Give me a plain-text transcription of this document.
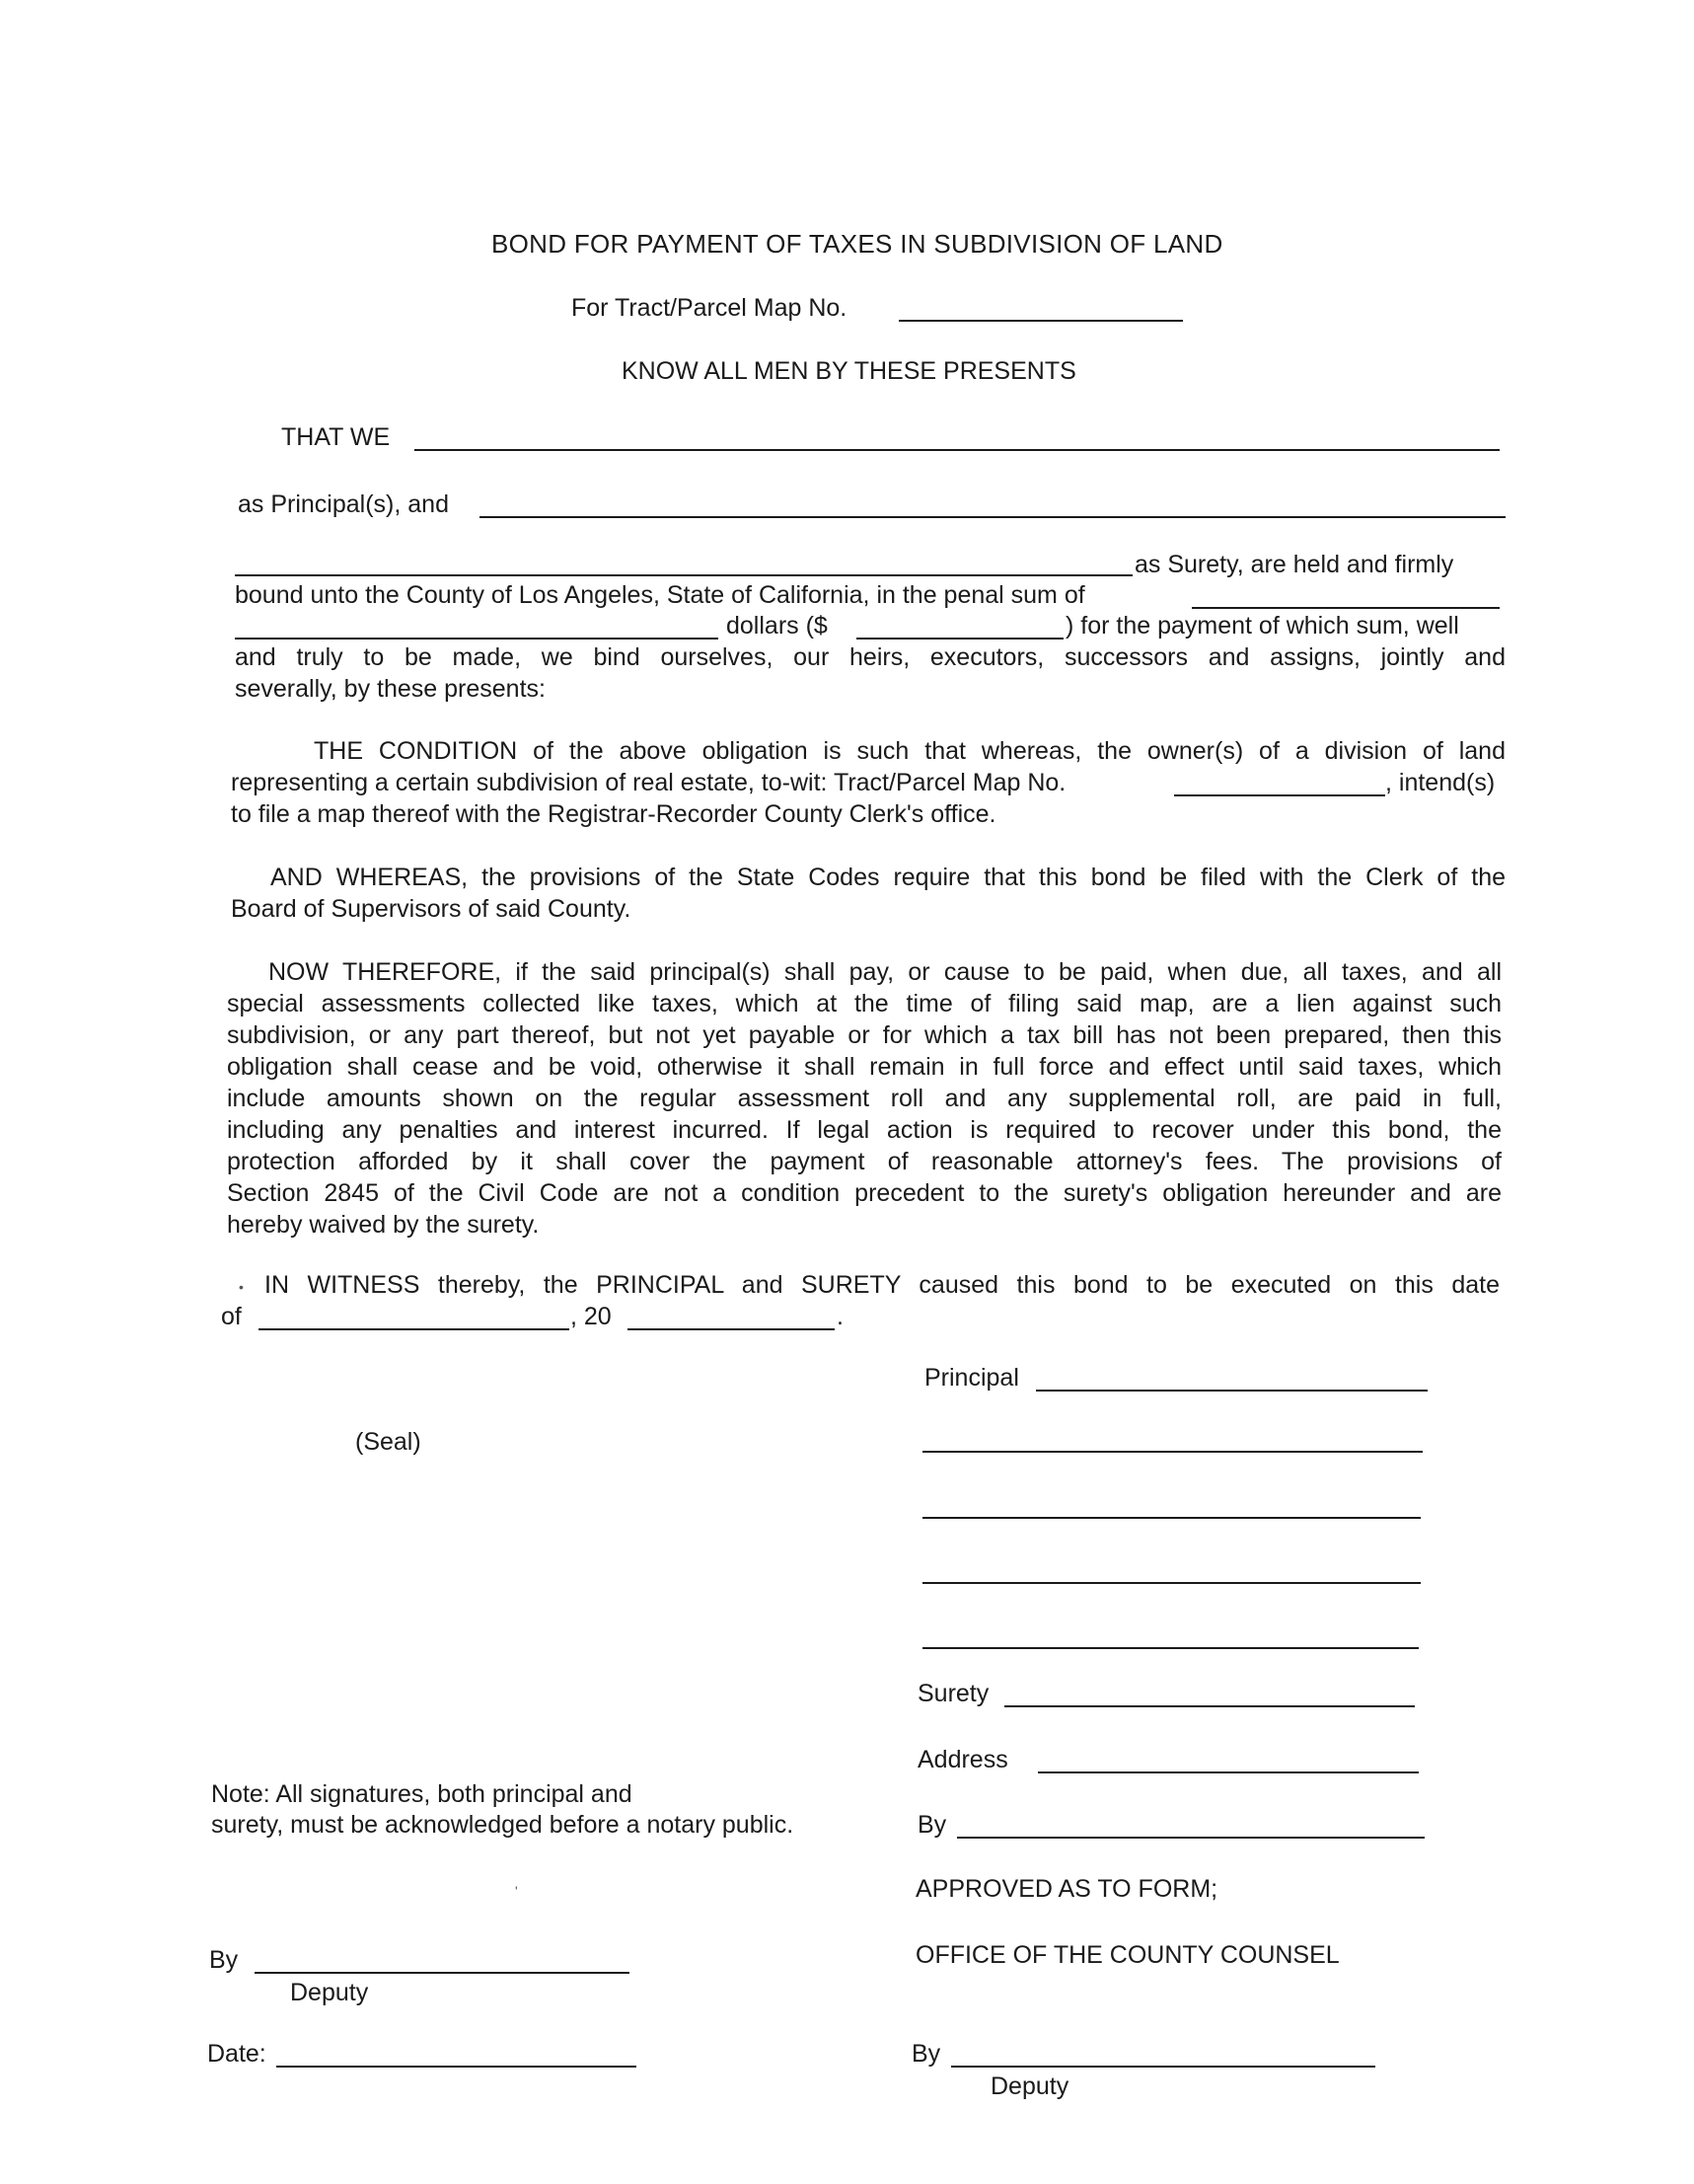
BOND FOR PAYMENT OF TAXES IN SUBDIVISION OF LAND
For Tract/Parcel Map No.
KNOW ALL MEN BY THESE PRESENTS
THAT WE
as Principal(s), and
as Surety, are held and firmly
bound unto the County of Los Angeles, State of California, in the penal sum of
dollars ($	) for the payment of which sum, well
and truly to be made, we bind ourselves, our heirs, executors, successors and assigns, jointly and
severally, by these presents:
THE CONDITION of the above obligation is such that whereas, the owner(s) of a division of land
representing a certain subdivision of real estate, to-wit: Tract/Parcel Map No.	, intend(s)
to file a map thereof with the Registrar-Recorder County Clerk's office.
AND WHEREAS, the provisions of the State Codes require that this bond be filed with the Clerk of the
Board of Supervisors of said County.
NOW THEREFORE, if the said principal(s) shall pay, or cause to be paid, when due, all taxes, and all
special assessments collected like taxes, which at the time of filing said map, are a lien against such
subdivision, or any part thereof, but not yet payable or for which a tax bill has not been prepared, then this
obligation shall cease and be void, otherwise it shall remain in full force and effect until said taxes, which
include amounts shown on the regular assessment roll and any supplemental roll, are paid in full,
including any penalties and interest incurred. If legal action is required to recover under this bond, the
protection afforded by it shall cover the payment of reasonable attorney's fees. The provisions of
Section 2845 of the Civil Code are not a condition precedent to the surety's obligation hereunder and are
hereby waived by the surety.
• IN WITNESS thereby, the PRINCIPAL and SURETY caused this bond to be executed on this date
of	, 20	.
Principal
(Seal)
Surety
Address
By
Note: All signatures, both principal and
surety, must be acknowledged before a notary public.
'	APPROVED AS TO FORM;
OFFICE OF THE COUNTY COUNSEL
By
Deputy
Date:	By
Deputy
